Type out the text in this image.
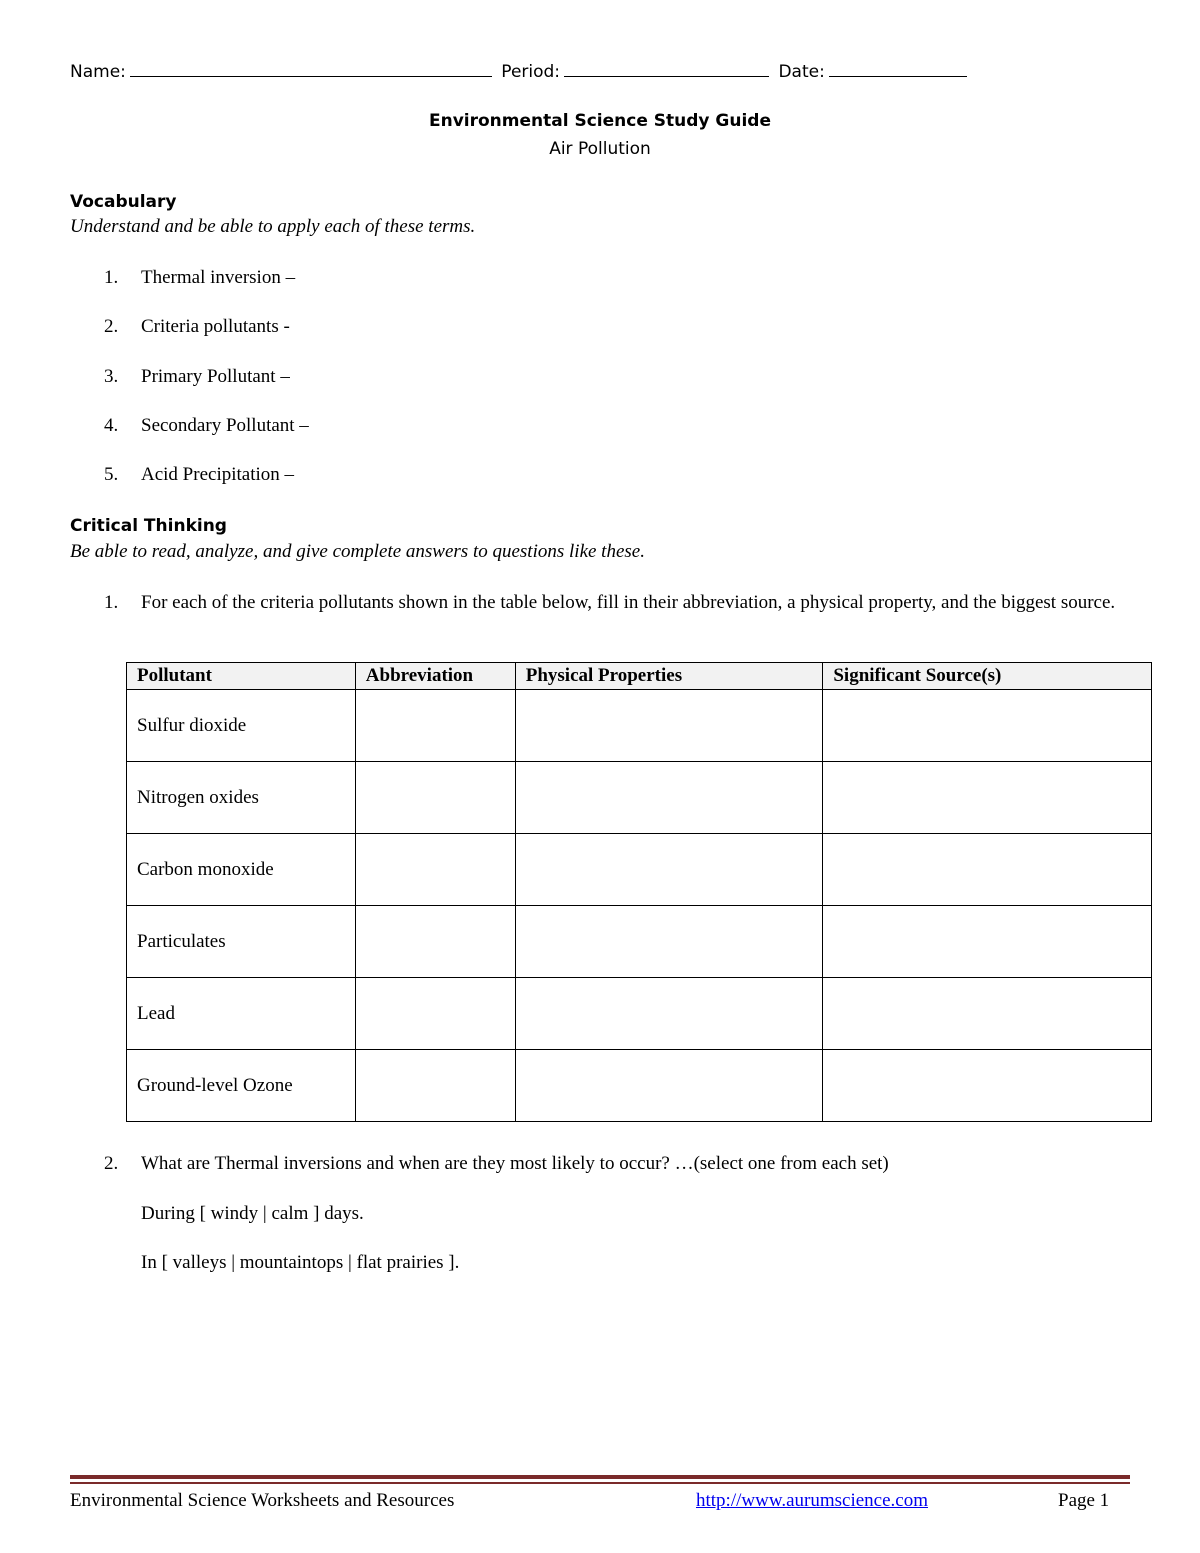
Name:	Period:	Date:
Environmental Science Study Guide
Air Pollution
Vocabulary
Understand and be able to apply each of these terms.
1. Thermal inversion –
2. Criteria pollutants -
3. Primary Pollutant –
4. Secondary Pollutant –
5. Acid Precipitation –
Critical Thinking
Be able to read, analyze, and give complete answers to questions like these.
1. For each of the criteria pollutants shown in the table below, fill in their abbreviation, a physical property, and the biggest source.
Pollutant	Abbreviation	Physical Properties	Significant Source(s)
Sulfur dioxide			
Nitrogen oxides			
Carbon monoxide			
Particulates			
Lead			
Ground-level Ozone			
2. What are Thermal inversions and when are they most likely to occur? …(select one from each set)
During [ windy | calm ] days.
In [ valleys | mountaintops | flat prairies ].
Environmental Science Worksheets and Resources	http://www.aurumscience.com	Page 1
